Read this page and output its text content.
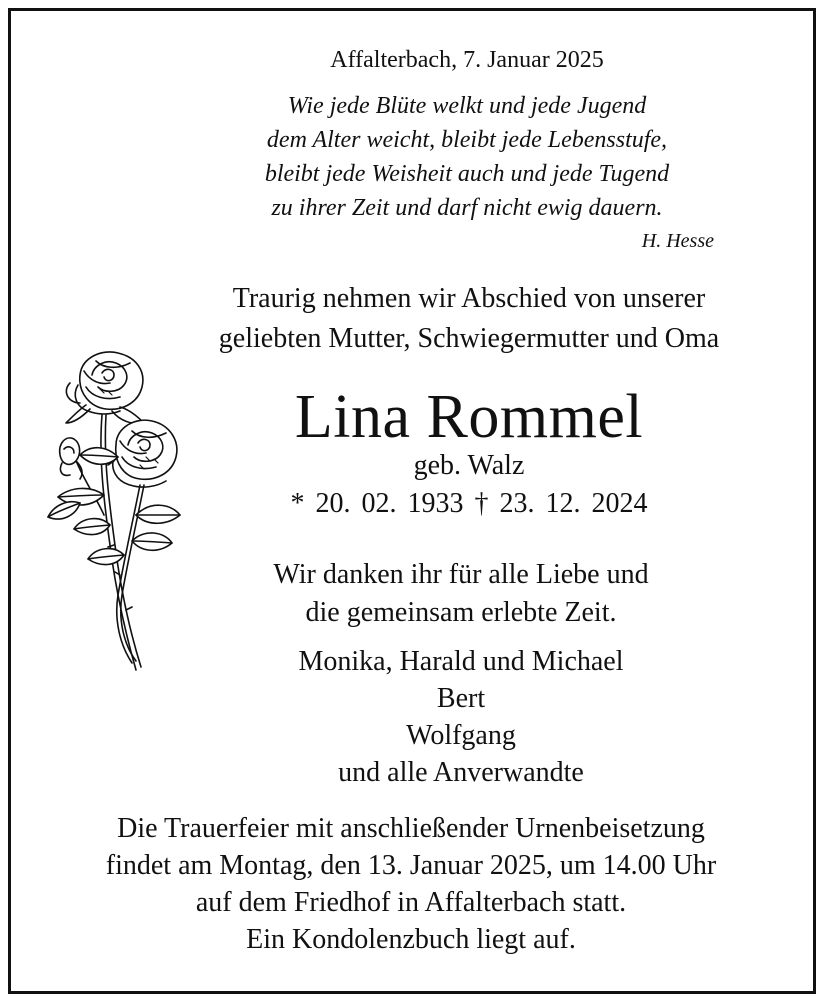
Affalterbach, 7. Januar 2025
Wie jede Blüte welkt und jede Jugend
dem Alter weicht, bleibt jede Lebensstufe,
bleibt jede Weisheit auch und jede Tugend
zu ihrer Zeit und darf nicht ewig dauern.
H. Hesse
Traurig nehmen wir Abschied von unserer
geliebten Mutter, Schwiegermutter und Oma
Lina Rommel
geb. Walz
* 20. 02. 1933 † 23. 12. 2024
Wir danken ihr für alle Liebe und
die gemeinsam erlebte Zeit.
Monika, Harald und Michael
Bert
Wolfgang
und alle Anverwandte
Die Trauerfeier mit anschließender Urnenbeisetzung
findet am Montag, den 13. Januar 2025, um 14.00 Uhr
auf dem Friedhof in Affalterbach statt.
Ein Kondolenzbuch liegt auf.
